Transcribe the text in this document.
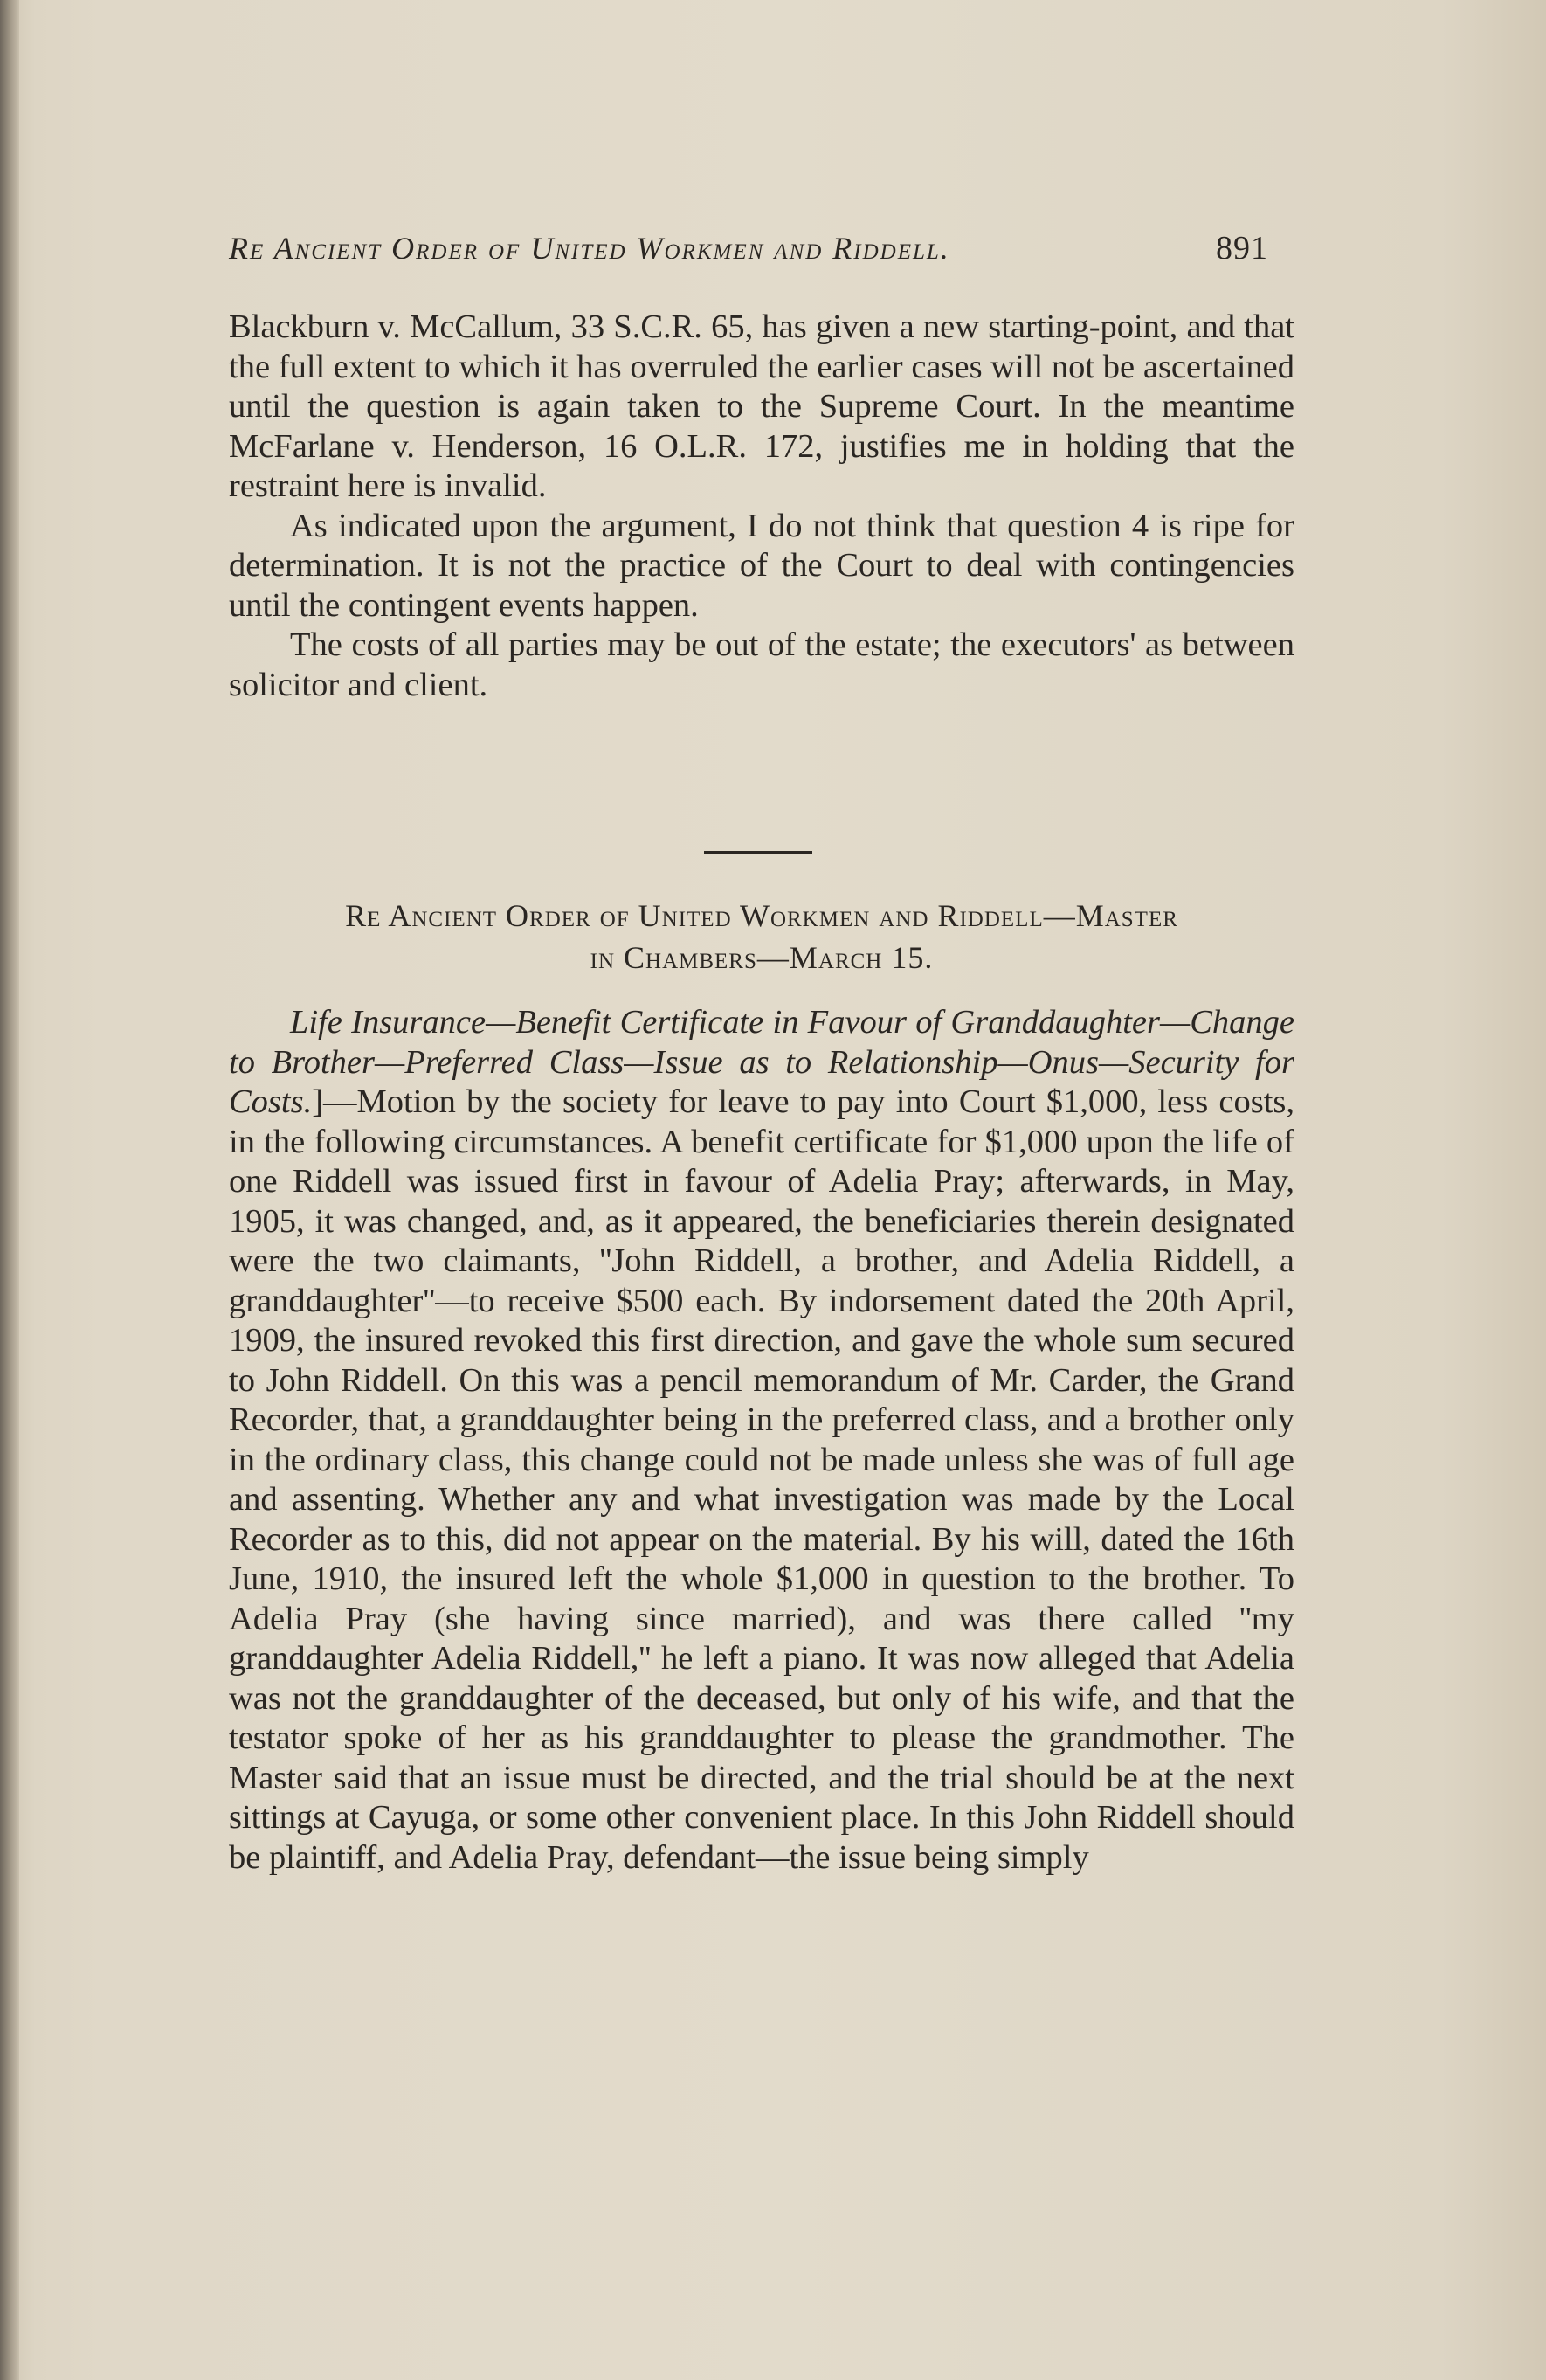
Re Ancient Order of United Workmen and Riddell.	891

Blackburn v. McCallum, 33 S.C.R. 65, has given a new starting-point, and that the full extent to which it has overruled the earlier cases will not be ascertained until the question is again taken to the Supreme Court. In the meantime McFarlane v. Henderson, 16 O.L.R. 172, justifies me in holding that the restraint here is invalid.

As indicated upon the argument, I do not think that question 4 is ripe for determination. It is not the practice of the Court to deal with contingencies until the contingent events happen.

The costs of all parties may be out of the estate; the executors' as between solicitor and client.

Re Ancient Order of United Workmen and Riddell—Master
in Chambers—March 15.

Life Insurance—Benefit Certificate in Favour of Granddaughter—Change to Brother—Preferred Class—Issue as to Relationship—Onus—Security for Costs.]—Motion by the society for leave to pay into Court $1,000, less costs, in the following circumstances. A benefit certificate for $1,000 upon the life of one Riddell was issued first in favour of Adelia Pray; afterwards, in May, 1905, it was changed, and, as it appeared, the beneficiaries therein designated were the two claimants, ''John Riddell, a brother, and Adelia Riddell, a granddaughter''—to receive $500 each. By indorsement dated the 20th April, 1909, the insured revoked this first direction, and gave the whole sum secured to John Riddell. On this was a pencil memorandum of Mr. Carder, the Grand Recorder, that, a granddaughter being in the preferred class, and a brother only in the ordinary class, this change could not be made unless she was of full age and assenting. Whether any and what investigation was made by the Local Recorder as to this, did not appear on the material. By his will, dated the 16th June, 1910, the insured left the whole $1,000 in question to the brother. To Adelia Pray (she having since married), and was there called ''my granddaughter Adelia Riddell,'' he left a piano. It was now alleged that Adelia was not the granddaughter of the deceased, but only of his wife, and that the testator spoke of her as his granddaughter to please the grandmother. The Master said that an issue must be directed, and the trial should be at the next sittings at Cayuga, or some other convenient place. In this John Riddell should be plaintiff, and Adelia Pray, defendant—the issue being simply
